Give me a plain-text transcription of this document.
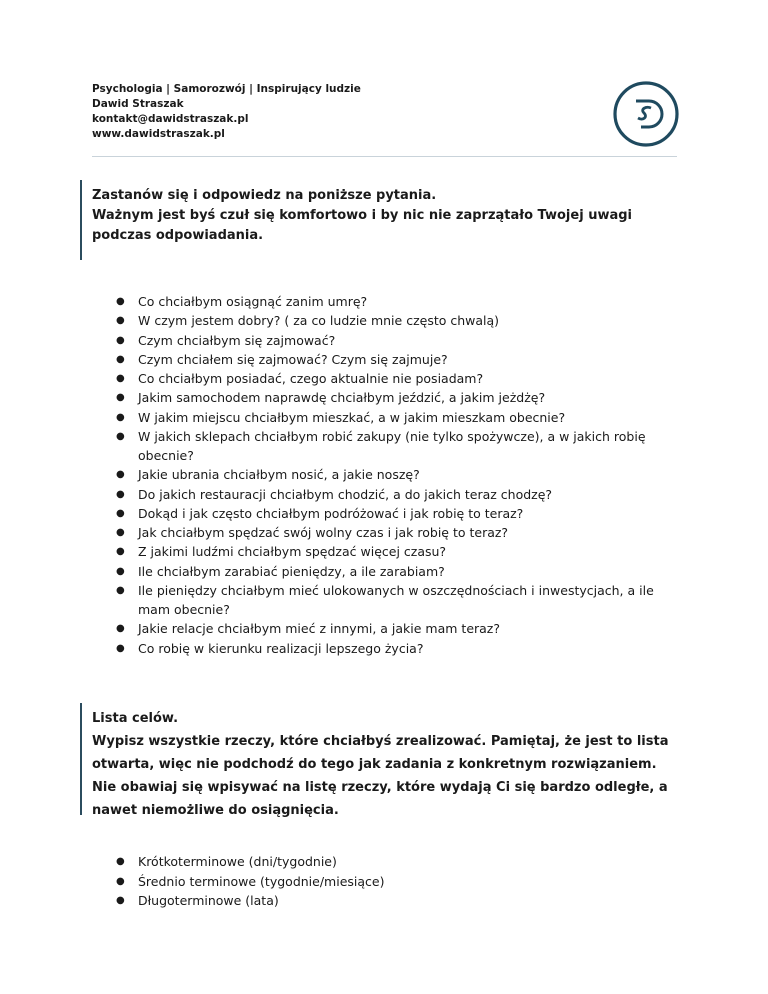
Psychologia | Samorozwój | Inspirujący ludzie
Dawid Straszak
kontakt@dawidstraszak.pl
www.dawidstraszak.pl
Zastanów się i odpowiedz na poniższe pytania.
Ważnym jest byś czuł się komfortowo i by nic nie zaprzątało Twojej uwagi podczas odpowiadania.
● Co chciałbym osiągnąć zanim umrę?
● W czym jestem dobry? ( za co ludzie mnie często chwalą)
● Czym chciałbym się zajmować?
● Czym chciałem się zajmować? Czym się zajmuje?
● Co chciałbym posiadać, czego aktualnie nie posiadam?
● Jakim samochodem naprawdę chciałbym jeździć, a jakim jeżdżę?
● W jakim miejscu chciałbym mieszkać, a w jakim mieszkam obecnie?
● W jakich sklepach chciałbym robić zakupy (nie tylko spożywcze), a w jakich robię obecnie?
● Jakie ubrania chciałbym nosić, a jakie noszę?
● Do jakich restauracji chciałbym chodzić, a do jakich teraz chodzę?
● Dokąd i jak często chciałbym podróżować i jak robię to teraz?
● Jak chciałbym spędzać swój wolny czas i jak robię to teraz?
● Z jakimi ludźmi chciałbym spędzać więcej czasu?
● Ile chciałbym zarabiać pieniędzy, a ile zarabiam?
● Ile pieniędzy chciałbym mieć ulokowanych w oszczędnościach i inwestycjach, a ile mam obecnie?
● Jakie relacje chciałbym mieć z innymi, a jakie mam teraz?
● Co robię w kierunku realizacji lepszego życia?
Lista celów.
Wypisz wszystkie rzeczy, które chciałbyś zrealizować. Pamiętaj, że jest to lista otwarta, więc nie podchodź do tego jak zadania z konkretnym rozwiązaniem. Nie obawiaj się wpisywać na listę rzeczy, które wydają Ci się bardzo odległe, a nawet niemożliwe do osiągnięcia.
● Krótkoterminowe (dni/tygodnie)
● Średnio terminowe (tygodnie/miesiące)
● Długoterminowe (lata)
